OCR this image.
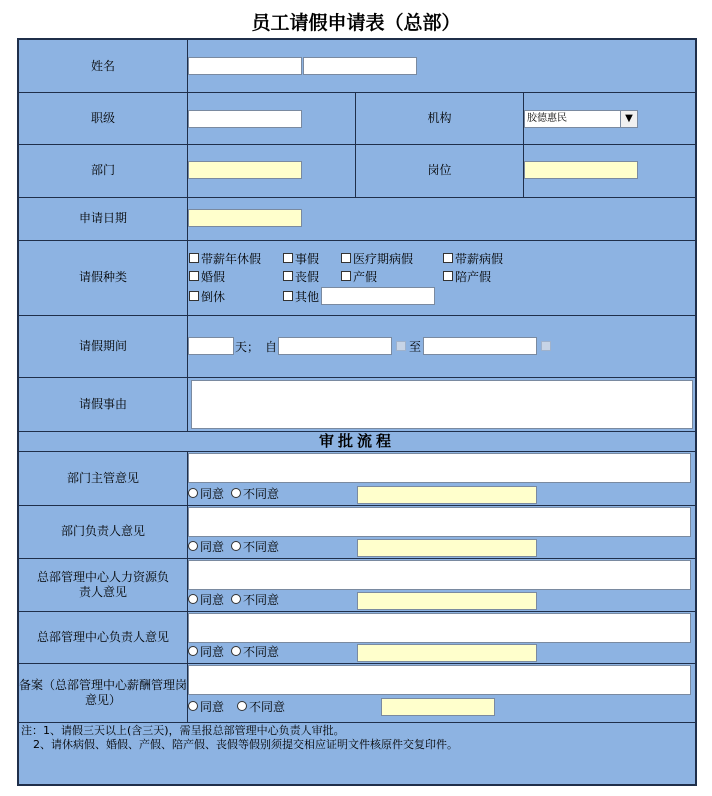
员工请假申请表（总部）
姓名
职级	机构	胶德惠民	▼
部门	岗位
申请日期
请假种类
带薪年休假	事假	医疗期病假	带薪病假
婚假	丧假	产假	陪产假
倒休	其他
请假期间	天； 自	至
请假事由
审批流程
部门主管意见
同意 不同意
部门负责人意见
同意 不同意
总部管理中心人力资源负责人意见
同意 不同意
总部管理中心负责人意见
同意 不同意
备案（总部管理中心薪酬管理岗意见）	同意 不同意
注：1、请假三天以上(含三天)，需呈报总部管理中心负责人审批。
2、请休病假、婚假、产假、陪产假、丧假等假别须提交相应证明文件核原件交复印件。
